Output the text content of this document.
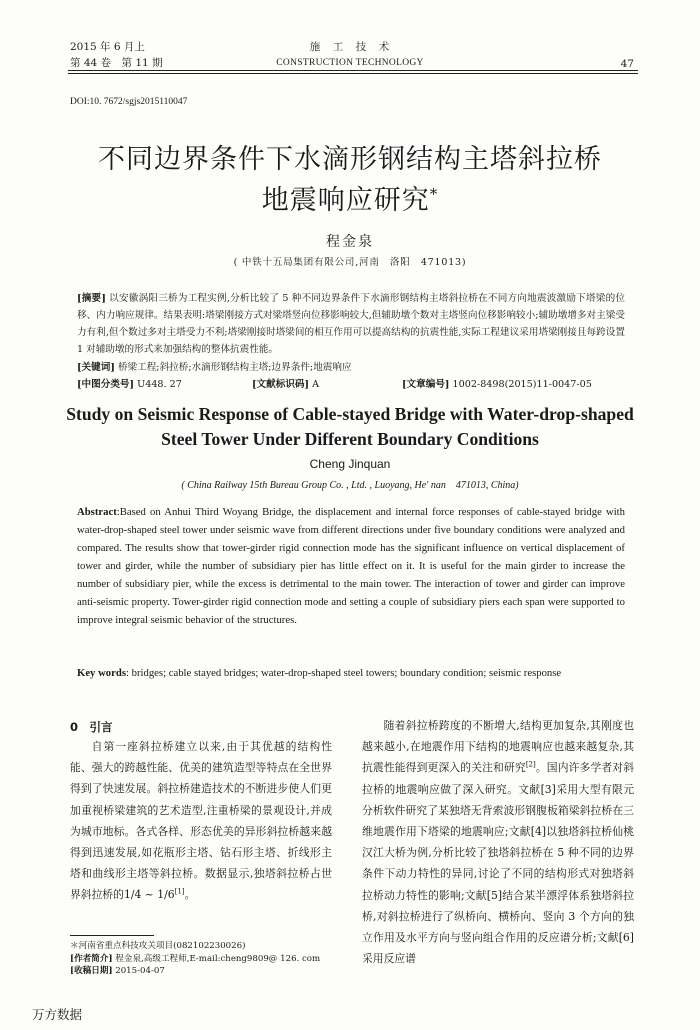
2015 年 6 月上
第 44 卷　第 11 期
施　工　技　术
CONSTRUCTION TECHNOLOGY	47
DOI:10. 7672/sgjs2015110047
不同边界条件下水滴形钢结构主塔斜拉桥
地震响应研究*
程金泉
( 中铁十五局集团有限公司,河南　洛阳　471013)
[摘要] 以安徽涡阳三桥为工程实例,分析比较了 5 种不同边界条件下水滴形钢结构主塔斜拉桥在不同方向地震波激励下塔梁的位移、内力响应规律。结果表明:塔梁刚接方式对梁塔竖向位移影响较大,但辅助墩个数对主塔竖向位移影响较小;辅助墩增多对主梁受力有利,但个数过多对主塔受力不利;塔梁刚接时塔梁间的相互作用可以提高结构的抗震性能,实际工程建议采用塔梁刚接且每跨设置 1 对辅助墩的形式来加强结构的整体抗震性能。
[关键词] 桥梁工程;斜拉桥;水滴形钢结构主塔;边界条件;地震响应
[中图分类号] U448. 27	[文献标识码] A	[文章编号] 1002-8498(2015)11-0047-05
Study on Seismic Response of Cable-stayed Bridge with Water-drop-shaped
Steel Tower Under Different Boundary Conditions
Cheng Jinquan
( China Railway 15th Bureau Group Co. , Ltd. , Luoyang, He' nan　471013, China)
Abstract:Based on Anhui Third Woyang Bridge, the displacement and internal force responses of cable-stayed bridge with water-drop-shaped steel tower under seismic wave from different directions under five boundary conditions were analyzed and compared. The results show that tower-girder rigid connection mode has the significant influence on vertical displacement of tower and girder, while the number of subsidiary pier has little effect on it. It is useful for the main girder to increase the number of subsidiary pier, while the excess is detrimental to the main tower. The interaction of tower and girder can improve anti-seismic property. Tower-girder rigid connection mode and setting a couple of subsidiary piers each span were supported to improve integral seismic behavior of the structures.
Key words: bridges; cable stayed bridges; water-drop-shaped steel towers; boundary condition; seismic response
0　引言
自第一座斜拉桥建立以来,由于其优越的结构性能、强大的跨越性能、优美的建筑造型等特点在全世界得到了快速发展。斜拉桥建造技术的不断进步使人们更加重视桥梁建筑的艺术造型,注重桥梁的景观设计,并成为城市地标。各式各样、形态优美的异形斜拉桥越来越得到迅速发展,如花瓶形主塔、钻石形主塔、折线形主塔和曲线形主塔等斜拉桥。数据显示,独塔斜拉桥占世界斜拉桥的1/4 ~ 1/6[1]。
＊河南省重点科技攻关项目(082102230026)
[作者简介] 程金泉,高级工程师,E-mail:cheng9809@ 126. com
[收稿日期] 2015-04-07
随着斜拉桥跨度的不断增大,结构更加复杂,其刚度也越来越小,在地震作用下结构的地震响应也越来越复杂,其抗震性能得到更深入的关注和研究[2]。国内许多学者对斜拉桥的地震响应做了深入研究。文献[3]采用大型有限元分析软件研究了某独塔无背索波形钢腹板箱梁斜拉桥在三维地震作用下塔梁的地震响应;文献[4]以独塔斜拉桥仙桃汉江大桥为例,分析比较了独塔斜拉桥在 5 种不同的边界条件下动力特性的异同,讨论了不同的结构形式对独塔斜拉桥动力特性的影响;文献[5]结合某半漂浮体系独塔斜拉桥,对斜拉桥进行了纵桥向、横桥向、竖向 3 个方向的独立作用及水平方向与竖向组合作用的反应谱分析;文献[6]采用反应谱
万方数据
